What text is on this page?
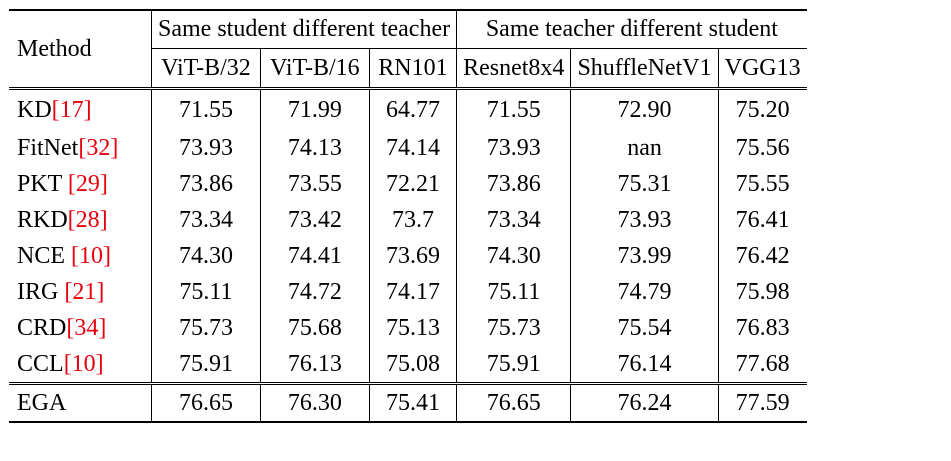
Method	Same student different teacher			Same teacher different student		
	ViT-B/32	ViT-B/16	RN101	Resnet8x4	ShuffleNetV1	VGG13
KD[17]	71.55	71.99	64.77	71.55	72.90	75.20
FitNet[32]	73.93	74.13	74.14	73.93	nan	75.56
PKT [29]	73.86	73.55	72.21	73.86	75.31	75.55
RKD[28]	73.34	73.42	73.7	73.34	73.93	76.41
NCE [10]	74.30	74.41	73.69	74.30	73.99	76.42
IRG [21]	75.11	74.72	74.17	75.11	74.79	75.98
CRD[34]	75.73	75.68	75.13	75.73	75.54	76.83
CCL[10]	75.91	76.13	75.08	75.91	76.14	77.68
EGA	76.65	76.30	75.41	76.65	76.24	77.59
